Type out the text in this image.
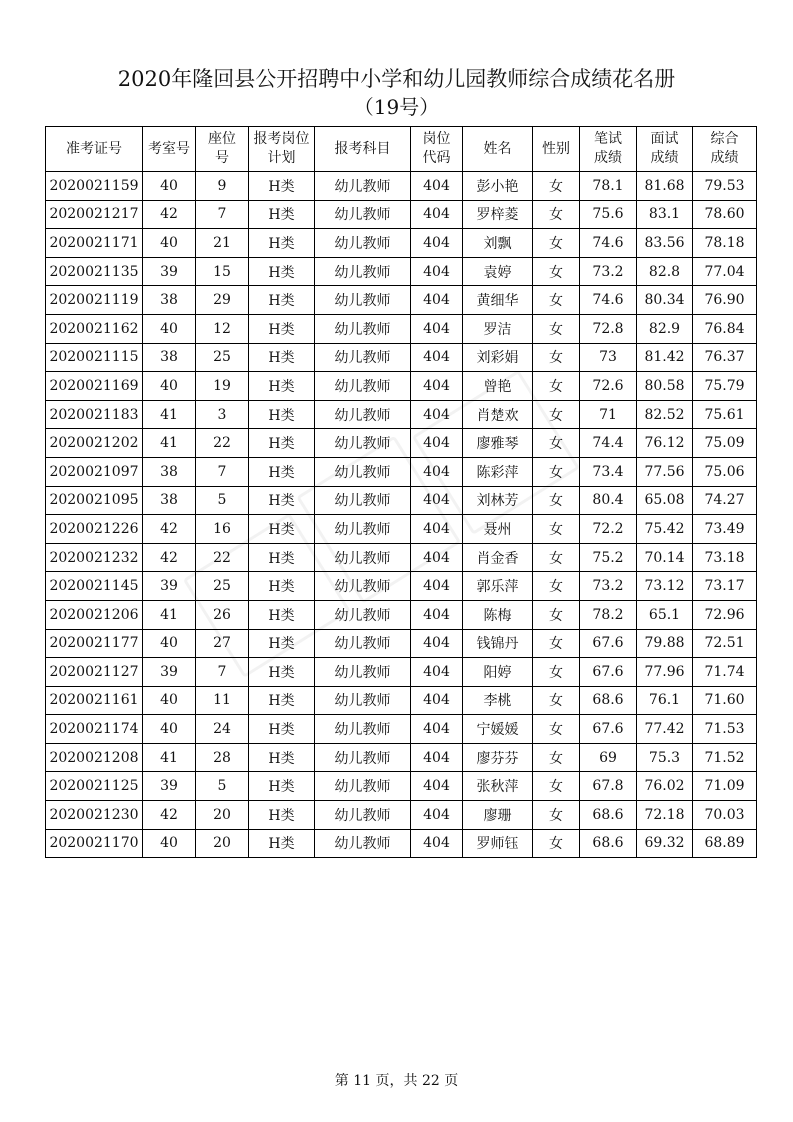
2020年隆回县公开招聘中小学和幼儿园教师综合成绩花名册
（19号）
准考证号	考室号	座位号	报考岗位计划	报考科目	岗位代码	姓名	性别	笔试成绩	面试成绩	综合成绩
2020021159	40	9	H类	幼儿教师	404	彭小艳	女	78.1	81.68	79.53
2020021217	42	7	H类	幼儿教师	404	罗梓菱	女	75.6	83.1	78.60
2020021171	40	21	H类	幼儿教师	404	刘飘	女	74.6	83.56	78.18
2020021135	39	15	H类	幼儿教师	404	袁婷	女	73.2	82.8	77.04
2020021119	38	29	H类	幼儿教师	404	黄细华	女	74.6	80.34	76.90
2020021162	40	12	H类	幼儿教师	404	罗洁	女	72.8	82.9	76.84
2020021115	38	25	H类	幼儿教师	404	刘彩娟	女	73	81.42	76.37
2020021169	40	19	H类	幼儿教师	404	曾艳	女	72.6	80.58	75.79
2020021183	41	3	H类	幼儿教师	404	肖楚欢	女	71	82.52	75.61
2020021202	41	22	H类	幼儿教师	404	廖雅琴	女	74.4	76.12	75.09
2020021097	38	7	H类	幼儿教师	404	陈彩萍	女	73.4	77.56	75.06
2020021095	38	5	H类	幼儿教师	404	刘林芳	女	80.4	65.08	74.27
2020021226	42	16	H类	幼儿教师	404	聂州	女	72.2	75.42	73.49
2020021232	42	22	H类	幼儿教师	404	肖金香	女	75.2	70.14	73.18
2020021145	39	25	H类	幼儿教师	404	郭乐萍	女	73.2	73.12	73.17
2020021206	41	26	H类	幼儿教师	404	陈梅	女	78.2	65.1	72.96
2020021177	40	27	H类	幼儿教师	404	钱锦丹	女	67.6	79.88	72.51
2020021127	39	7	H类	幼儿教师	404	阳婷	女	67.6	77.96	71.74
2020021161	40	11	H类	幼儿教师	404	李桃	女	68.6	76.1	71.60
2020021174	40	24	H类	幼儿教师	404	宁媛媛	女	67.6	77.42	71.53
2020021208	41	28	H类	幼儿教师	404	廖芬芬	女	69	75.3	71.52
2020021125	39	5	H类	幼儿教师	404	张秋萍	女	67.8	76.02	71.09
2020021230	42	20	H类	幼儿教师	404	廖珊	女	68.6	72.18	70.03
2020021170	40	20	H类	幼儿教师	404	罗师钰	女	68.6	69.32	68.89
第 11 页，共 22 页
